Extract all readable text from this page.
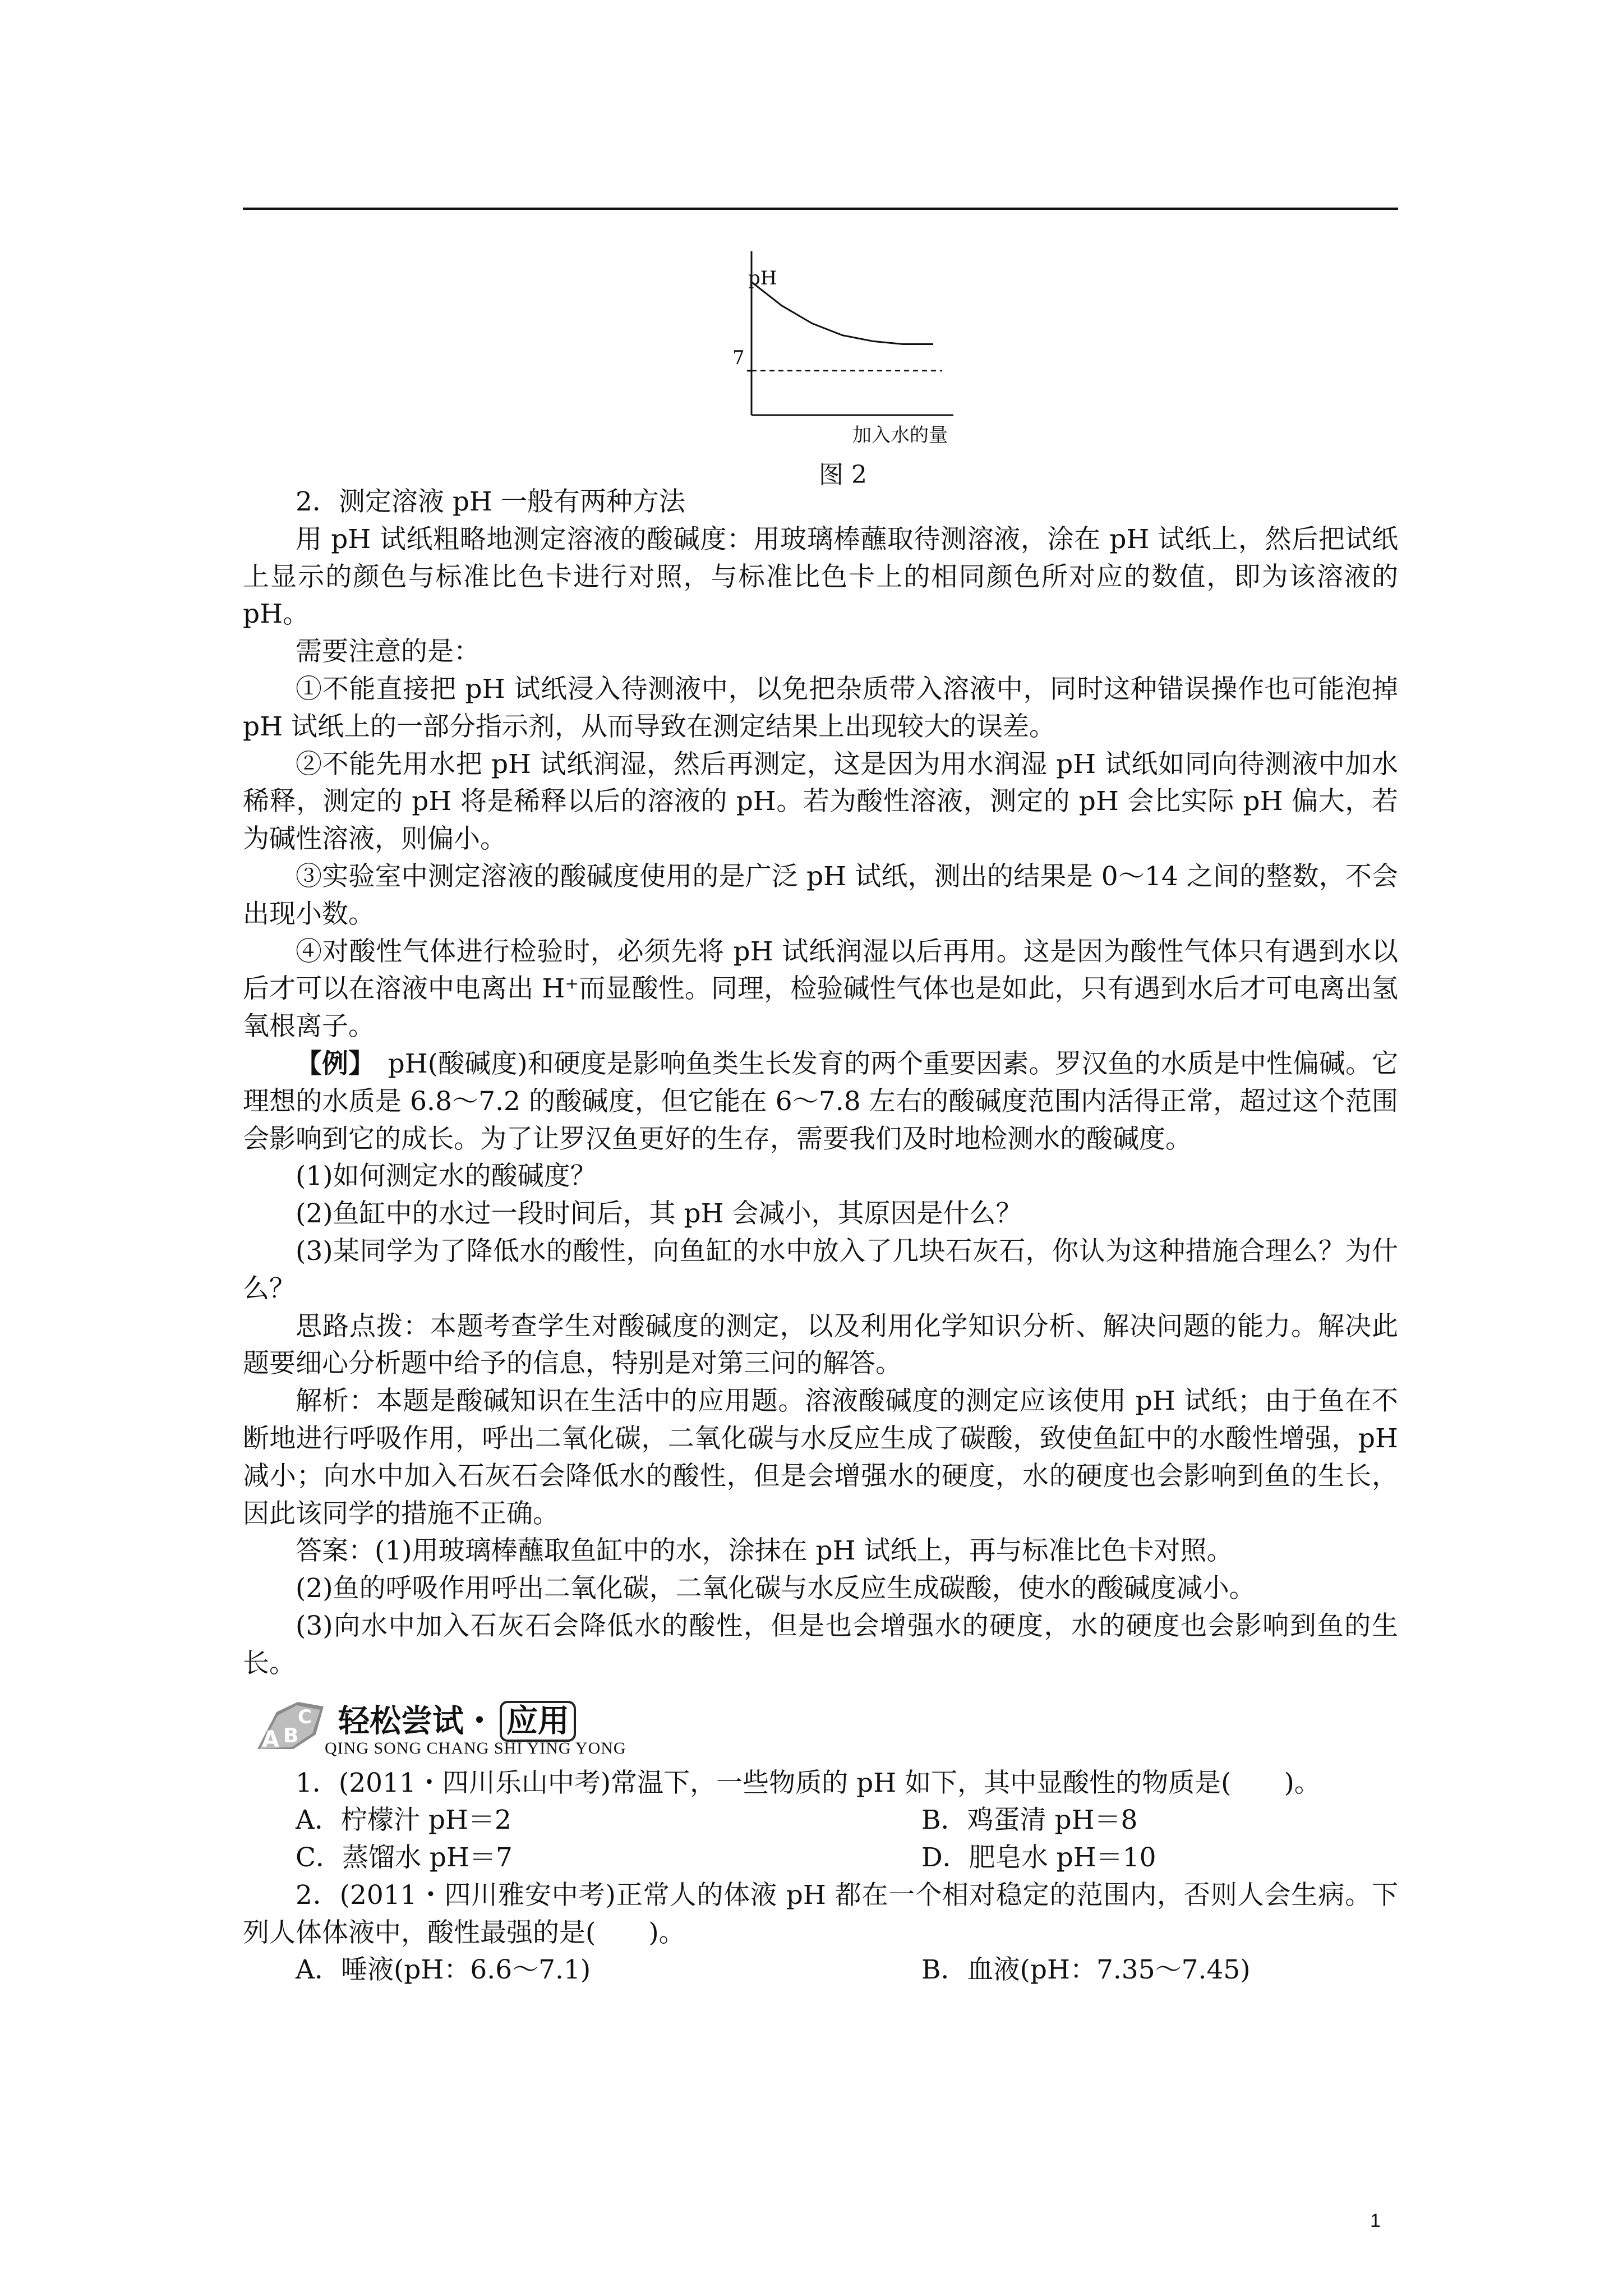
pH
7
加入水的量
图 2

2．测定溶液 pH 一般有两种方法

用 pH 试纸粗略地测定溶液的酸碱度：用玻璃棒蘸取待测溶液，涂在 pH 试纸上，然后把试纸上显示的颜色与标准比色卡进行对照，与标准比色卡上的相同颜色所对应的数值，即为该溶液的 pH。

需要注意的是：

①不能直接把 pH 试纸浸入待测液中，以免把杂质带入溶液中，同时这种错误操作也可能泡掉 pH 试纸上的一部分指示剂，从而导致在测定结果上出现较大的误差。

②不能先用水把 pH 试纸润湿，然后再测定，这是因为用水润湿 pH 试纸如同向待测液中加水稀释，测定的 pH 将是稀释以后的溶液的 pH。若为酸性溶液，测定的 pH 会比实际 pH 偏大，若为碱性溶液，则偏小。

③实验室中测定溶液的酸碱度使用的是广泛 pH 试纸，测出的结果是 0～14 之间的整数，不会出现小数。

④对酸性气体进行检验时，必须先将 pH 试纸润湿以后再用。这是因为酸性气体只有遇到水以后才可以在溶液中电离出 H⁺而显酸性。同理，检验碱性气体也是如此，只有遇到水后才可电离出氢氧根离子。

【例】　pH(酸碱度)和硬度是影响鱼类生长发育的两个重要因素。罗汉鱼的水质是中性偏碱。它理想的水质是 6.8～7.2 的酸碱度，但它能在 6～7.8 左右的酸碱度范围内活得正常，超过这个范围会影响到它的成长。为了让罗汉鱼更好的生存，需要我们及时地检测水的酸碱度。

(1)如何测定水的酸碱度？

(2)鱼缸中的水过一段时间后，其 pH 会减小，其原因是什么？

(3)某同学为了降低水的酸性，向鱼缸的水中放入了几块石灰石，你认为这种措施合理么？为什么？

思路点拨：本题考查学生对酸碱度的测定，以及利用化学知识分析、解决问题的能力。解决此题要细心分析题中给予的信息，特别是对第三问的解答。

解析：本题是酸碱知识在生活中的应用题。溶液酸碱度的测定应该使用 pH 试纸；由于鱼在不断地进行呼吸作用，呼出二氧化碳，二氧化碳与水反应生成了碳酸，致使鱼缸中的水酸性增强，pH 减小；向水中加入石灰石会降低水的酸性，但是会增强水的硬度，水的硬度也会影响到鱼的生长，因此该同学的措施不正确。

答案：(1)用玻璃棒蘸取鱼缸中的水，涂抹在 pH 试纸上，再与标准比色卡对照。

(2)鱼的呼吸作用呼出二氧化碳，二氧化碳与水反应生成碳酸，使水的酸碱度减小。

(3)向水中加入石灰石会降低水的酸性，但是也会增强水的硬度，水的硬度也会影响到鱼的生长。

A B
C 轻松尝试・ 应用
QING SONG CHANG SHI YING YONG

1．(2011・四川乐山中考)常温下，一些物质的 pH 如下，其中显酸性的物质是(　　)。

A．柠檬汁 pH＝2	B．鸡蛋清 pH＝8
C．蒸馏水 pH＝7	D．肥皂水 pH＝10

2．(2011・四川雅安中考)正常人的体液 pH 都在一个相对稳定的范围内，否则人会生病。下列人体体液中，酸性最强的是(　　)。

A．唾液(pH：6.6～7.1)	B．血液(pH：7.35～7.45)
1
